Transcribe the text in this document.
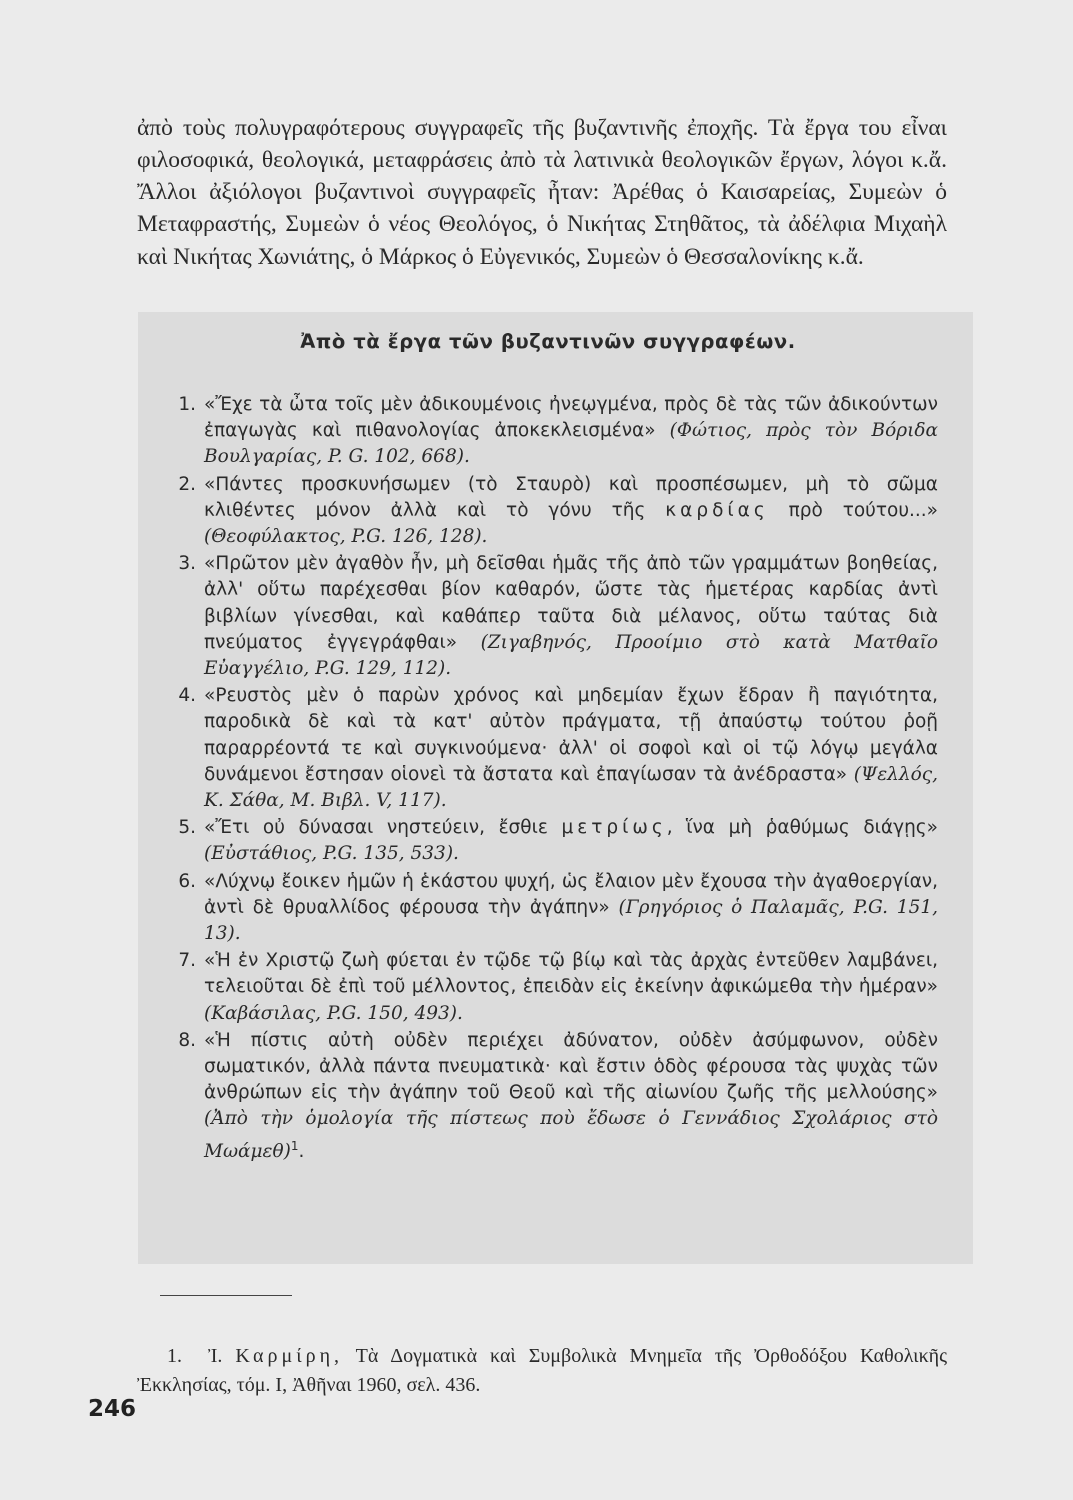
ἀπὸ τοὺς πολυγραφότερους συγγραφεῖς τῆς βυζαντινῆς ἐποχῆς. Τὰ ἔργα του εἶναι φιλοσοφικά, θεολογικά, μεταφράσεις ἀπὸ τὰ λατινικὰ θεολογικῶν ἔργων, λόγοι κ.ἄ. Ἄλλοι ἀξιόλογοι βυζαντινοὶ συγγραφεῖς ἦταν: Ἀρέθας ὁ Καισαρείας, Συμεὼν ὁ Μεταφραστής, Συμεὼν ὁ νέος Θεολόγος, ὁ Νικήτας Στηθᾶτος, τὰ ἀδέλφια Μιχαὴλ καὶ Νικήτας Χωνιάτης, ὁ Μάρκος ὁ Εὐγενικός, Συμεὼν ὁ Θεσσαλονίκης κ.ἄ.

Ἀπὸ τὰ ἔργα τῶν βυζαντινῶν συγγραφέων.
1. «Ἔχε τὰ ὦτα τοῖς μὲν ἀδικουμένοις ἠνεῳγμένα, πρὸς δὲ τὰς τῶν ἀδικούντων ἐπαγωγὰς καὶ πιθανολογίας ἀποκεκλεισμένα» (Φώτιος, πρὸς τὸν Βόριδα Βουλγαρίας, P. G. 102, 668).
2. «Πάντες προσκυνήσωμεν (τὸ Σταυρὸ) καὶ προσπέσωμεν, μὴ τὸ σῶμα κλιθέντες μόνον ἀλλὰ καὶ τὸ γόνυ τῆς καρδίας πρὸ τούτου...» (Θεοφύλακτος, P.G. 126, 128).
3. «Πρῶτον μὲν ἀγαθὸν ἦν, μὴ δεῖσθαι ἡμᾶς τῆς ἀπὸ τῶν γραμμάτων βοηθείας, ἀλλ' οὕτω παρέχεσθαι βίον καθαρόν, ὥστε τὰς ἡμετέρας καρδίας ἀντὶ βιβλίων γίνεσθαι, καὶ καθάπερ ταῦτα διὰ μέλανος, οὕτω ταύτας διὰ πνεύματος ἐγγεγράφθαι» (Ζιγαβηνός, Προοίμιο στὸ κατὰ Ματθαῖο Εὐαγγέλιο, P.G. 129, 112).
4. «Ρευστὸς μὲν ὁ παρὼν χρόνος καὶ μηδεμίαν ἔχων ἕδραν ἢ παγιότητα, παροδικὰ δὲ καὶ τὰ κατ' αὐτὸν πράγματα, τῇ ἀπαύστῳ τούτου ῥοῇ παραρρέοντά τε καὶ συγκινούμενα· ἀλλ' οἱ σοφοὶ καὶ οἱ τῷ λόγῳ μεγάλα δυνάμενοι ἔστησαν οἱονεὶ τὰ ἄστατα καὶ ἐπαγίωσαν τὰ ἀνέδραστα» (Ψελλός, Κ. Σάθα, Μ. Βιβλ. V, 117).
5. «Ἔτι οὐ δύνασαι νηστεύειν, ἔσθιε μετρίως, ἵνα μὴ ῥαθύμως διάγῃς» (Εὐστάθιος, P.G. 135, 533).
6. «Λύχνῳ ἔοικεν ἡμῶν ἡ ἑκάστου ψυχή, ὡς ἔλαιον μὲν ἔχουσα τὴν ἀγαθοεργίαν, ἀντὶ δὲ θρυαλλίδος φέρουσα τὴν ἀγάπην» (Γρηγόριος ὁ Παλαμᾶς, P.G. 151, 13).
7. «Ἡ ἐν Χριστῷ ζωὴ φύεται ἐν τῷδε τῷ βίῳ καὶ τὰς ἀρχὰς ἐντεῦθεν λαμβάνει, τελειοῦται δὲ ἐπὶ τοῦ μέλλοντος, ἐπειδὰν εἰς ἐκείνην ἀφικώμεθα τὴν ἡμέραν» (Καβάσιλας, P.G. 150, 493).
8. «Ἡ πίστις αὐτὴ οὐδὲν περιέχει ἀδύνατον, οὐδὲν ἀσύμφωνον, οὐδὲν σωματικόν, ἀλλὰ πάντα πνευματικὰ· καὶ ἔστιν ὁδὸς φέρουσα τὰς ψυχὰς τῶν ἀνθρώπων εἰς τὴν ἀγάπην τοῦ Θεοῦ καὶ τῆς αἰωνίου ζωῆς τῆς μελλούσης» (Ἀπὸ τὴν ὁμολογία τῆς πίστεως ποὺ ἔδωσε ὁ Γεννάδιος Σχολάριος στὸ Μωάμεθ)$^1$.

1. Ἰ. Καρμίρη, Τὰ Δογματικὰ καὶ Συμβολικὰ Μνημεῖα τῆς Ὀρθοδόξου Καθολικῆς Ἐκκλησίας, τόμ. Ι, Ἀθῆναι 1960, σελ. 436.

246
